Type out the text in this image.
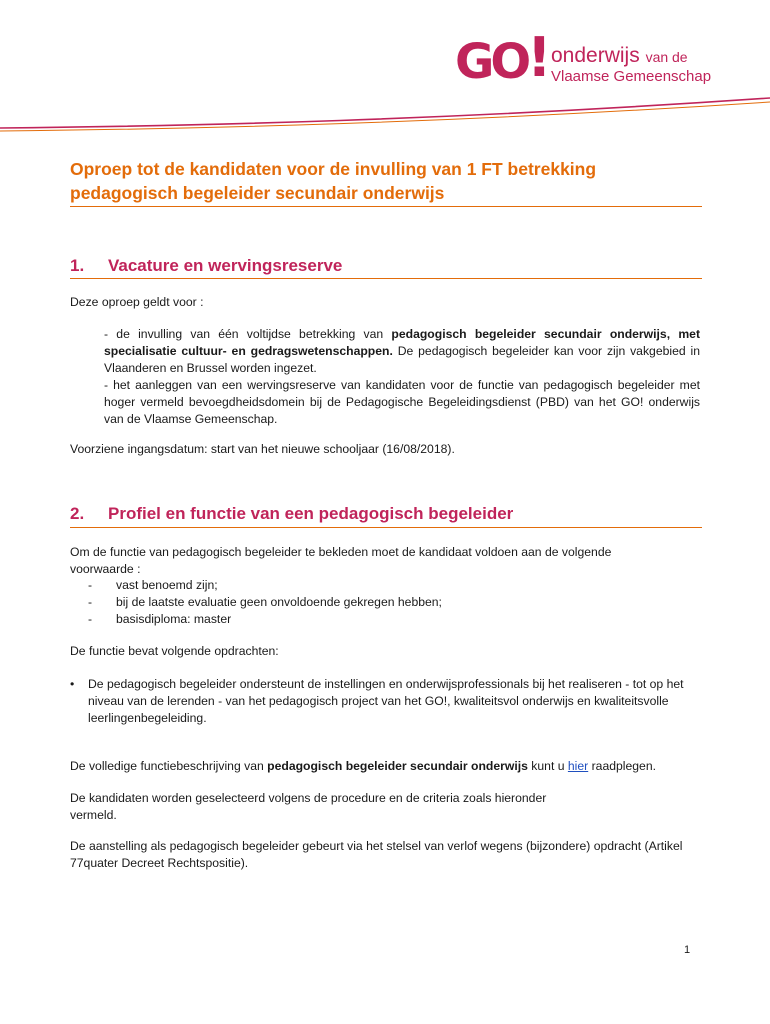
GO ! onderwijs van de
Vlaamse Gemeenschap
Oproep tot de kandidaten voor de invulling van 1 FT betrekking
pedagogisch begeleider secundair onderwijs
1. Vacature en wervingsreserve

Deze oproep geldt voor :

- de invulling van één voltijdse betrekking van pedagogisch begeleider secundair onderwijs, met specialisatie cultuur- en gedragswetenschappen. De pedagogisch begeleider kan voor zijn vakgebied in Vlaanderen en Brussel worden ingezet.

- het aanleggen van een wervingsreserve van kandidaten voor de functie van pedagogisch begeleider met hoger vermeld bevoegdheidsdomein bij de Pedagogische Begeleidingsdienst (PBD) van het GO! onderwijs van de Vlaamse Gemeenschap.

Voorziene ingangsdatum: start van het nieuwe schooljaar (16/08/2018).

2. Profiel en functie van een pedagogisch begeleider

Om de functie van pedagogisch begeleider te bekleden moet de kandidaat voldoen aan de volgende voorwaarde :

- vast benoemd zijn;
- bij de laatste evaluatie geen onvoldoende gekregen hebben;
- basisdiploma: master

De functie bevat volgende opdrachten:

•	De pedagogisch begeleider ondersteunt de instellingen en onderwijsprofessionals bij het realiseren - tot op het niveau van de lerenden - van het pedagogisch project van het GO!, kwaliteitsvol onderwijs en kwaliteitsvolle leerlingenbegeleiding.

De volledige functiebeschrijving van pedagogisch begeleider secundair onderwijs kunt u hier raadplegen.

De kandidaten worden geselecteerd volgens de procedure en de criteria zoals hieronder vermeld.

De aanstelling als pedagogisch begeleider gebeurt via het stelsel van verlof wegens (bijzondere) opdracht (Artikel 77quater Decreet Rechtspositie).

1
